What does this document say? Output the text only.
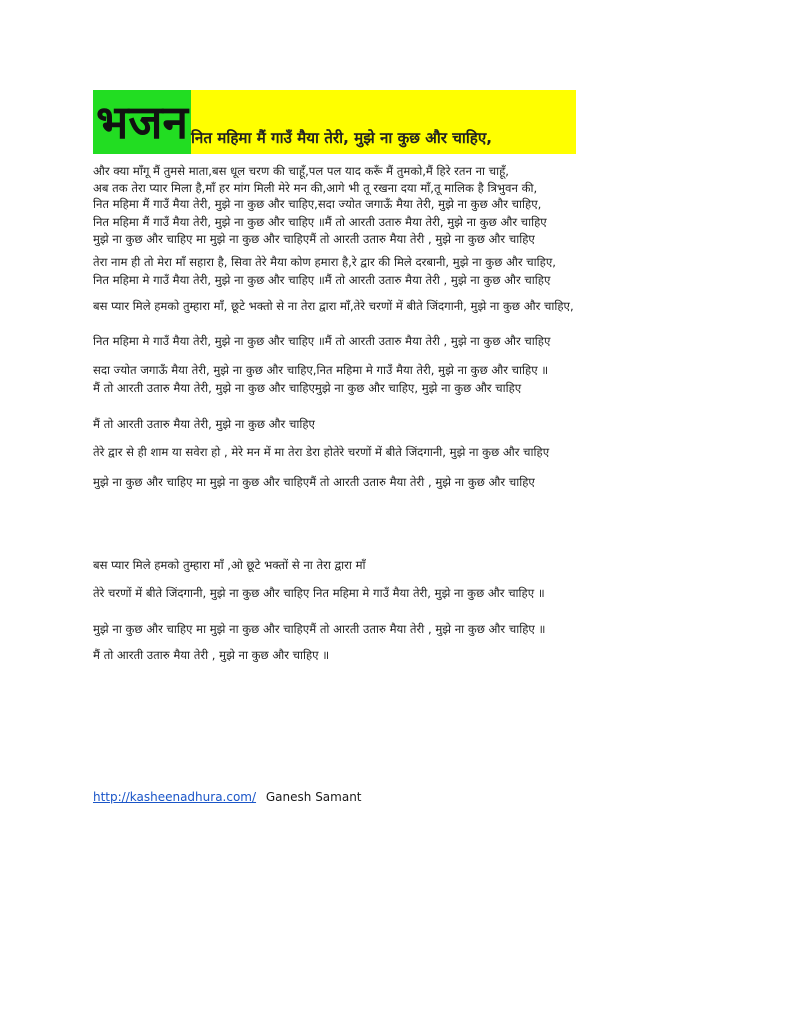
भजन नित महिमा मैं गाउँ मैया तेरी, मुझे ना कुछ और चाहिए,
और क्या माँगू मैं तुमसे माता,बस धूल चरण की चाहूँ,पल पल याद करूँ मैं तुमको,मैं हिरे रतन ना चाहूँ,
अब तक तेरा प्यार मिला है,माँ हर मांग मिली मेरे मन की,आगे भी तू रखना दया माँ,तू मालिक है त्रिभुवन की,
नित महिमा मैं गाउँ मैया तेरी, मुझे ना कुछ और चाहिए,सदा ज्योत जगाऊँ मैया तेरी, मुझे ना कुछ और चाहिए,
नित महिमा मैं गाउँ मैया तेरी, मुझे ना कुछ और चाहिए ॥मैं तो आरती उतारु मैया तेरी, मुझे ना कुछ और चाहिए
मुझे ना कुछ और चाहिए मा मुझे ना कुछ और चाहिएमैं तो आरती उतारु मैया तेरी , मुझे ना कुछ और चाहिए
तेरा नाम ही तो मेरा माँ सहारा है, सिवा तेरे मैया कोण हमारा है,रे द्वार की मिले दरबानी, मुझे ना कुछ और चाहिए,
नित महिमा मे गाउँ मैया तेरी, मुझे ना कुछ और चाहिए ॥मैं तो आरती उतारु मैया तेरी , मुझे ना कुछ और चाहिए
बस प्यार मिले हमको तुम्हारा माँ, छूटे भक्तो से ना तेरा द्वारा माँ,तेरे चरणों में बीते जिंदगानी, मुझे ना कुछ और चाहिए,
नित महिमा मे गाउँ मैया तेरी, मुझे ना कुछ और चाहिए ॥मैं तो आरती उतारु मैया तेरी , मुझे ना कुछ और चाहिए
सदा ज्योत जगाऊँ मैया तेरी, मुझे ना कुछ और चाहिए,नित महिमा मे गाउँ मैया तेरी, मुझे ना कुछ और चाहिए ॥
मैं तो आरती उतारु मैया तेरी, मुझे ना कुछ और चाहिएमुझे ना कुछ और चाहिए, मुझे ना कुछ और चाहिए
मैं तो आरती उतारु मैया तेरी, मुझे ना कुछ और चाहिए
तेरे द्वार से ही शाम या सवेरा हो , मेरे मन में मा तेरा डेरा होतेरे चरणों में बीते जिंदगानी, मुझे ना कुछ और चाहिए
मुझे ना कुछ और चाहिए मा मुझे ना कुछ और चाहिएमैं तो आरती उतारु मैया तेरी , मुझे ना कुछ और चाहिए
बस प्यार मिले हमको तुम्हारा माँ ,ओ छूटे भक्तों से ना तेरा द्वारा माँ
तेरे चरणों में बीते जिंदगानी, मुझे ना कुछ और चाहिए नित महिमा मे गाउँ मैया तेरी, मुझे ना कुछ और चाहिए ॥
मुझे ना कुछ और चाहिए मा मुझे ना कुछ और चाहिएमैं तो आरती उतारु मैया तेरी , मुझे ना कुछ और चाहिए ॥
मैं तो आरती उतारु मैया तेरी , मुझे ना कुछ और चाहिए ॥
http://kasheenadhura.com/ Ganesh Samant
